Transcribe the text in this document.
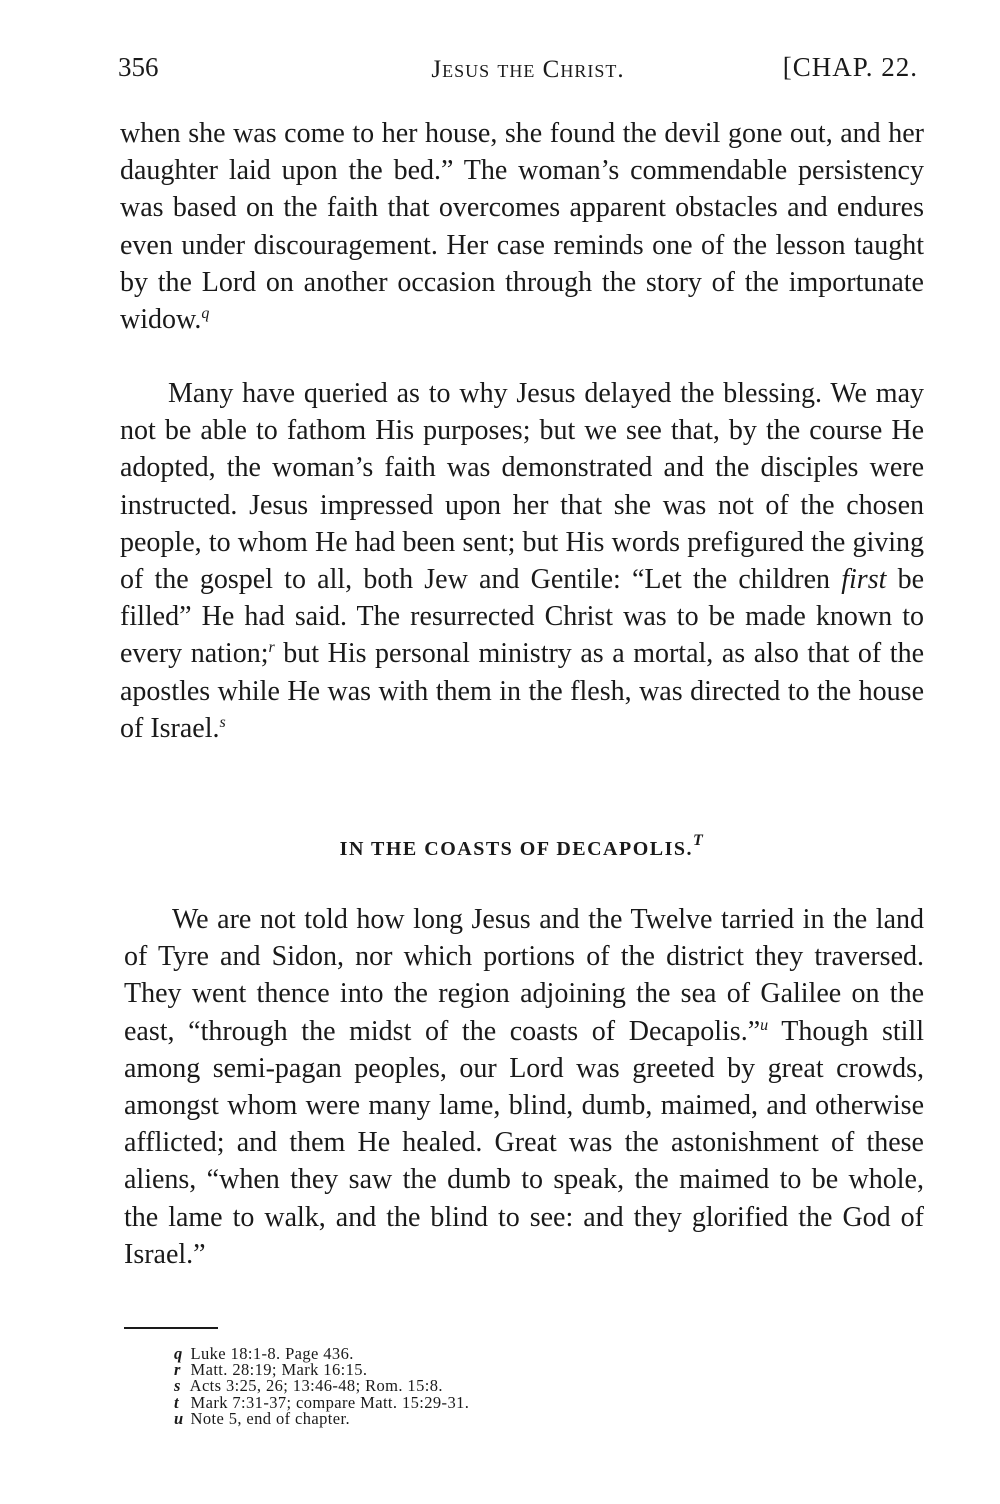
356	Jesus the Christ.	[CHAP. 22.

when she was come to her house, she found the devil gone out, and her daughter laid upon the bed.” The woman’s commendable persistency was based on the faith that overcomes apparent obstacles and endures even under discouragement. Her case reminds one of the lesson taught by the Lord on another occasion through the story of the importunate widow.$^q$

Many have queried as to why Jesus delayed the blessing. We may not be able to fathom His purposes; but we see that, by the course He adopted, the woman’s faith was demonstrated and the disciples were instructed. Jesus impressed upon her that she was not of the chosen people, to whom He had been sent; but His words prefigured the giving of the gospel to all, both Jew and Gentile: “Let the children first be filled” He had said. The resurrected Christ was to be made known to every nation;$^r$ but His personal ministry as a mortal, as also that of the apostles while He was with them in the flesh, was directed to the house of Israel.$^s$

IN THE COASTS OF DECAPOLIS.$^T$

We are not told how long Jesus and the Twelve tarried in the land of Tyre and Sidon, nor which portions of the district they traversed. They went thence into the region adjoining the sea of Galilee on the east, “through the midst of the coasts of Decapolis.”$^u$ Though still among semi-pagan peoples, our Lord was greeted by great crowds, amongst whom were many lame, blind, dumb, maimed, and otherwise afflicted; and them He healed. Great was the astonishment of these aliens, “when they saw the dumb to speak, the maimed to be whole, the lame to walk, and the blind to see: and they glorified the God of Israel.”

q Luke 18:1-8. Page 436.
r Matt. 28:19; Mark 16:15.
s Acts 3:25, 26; 13:46-48; Rom. 15:8.
t Mark 7:31-37; compare Matt. 15:29-31.
u Note 5, end of chapter.
